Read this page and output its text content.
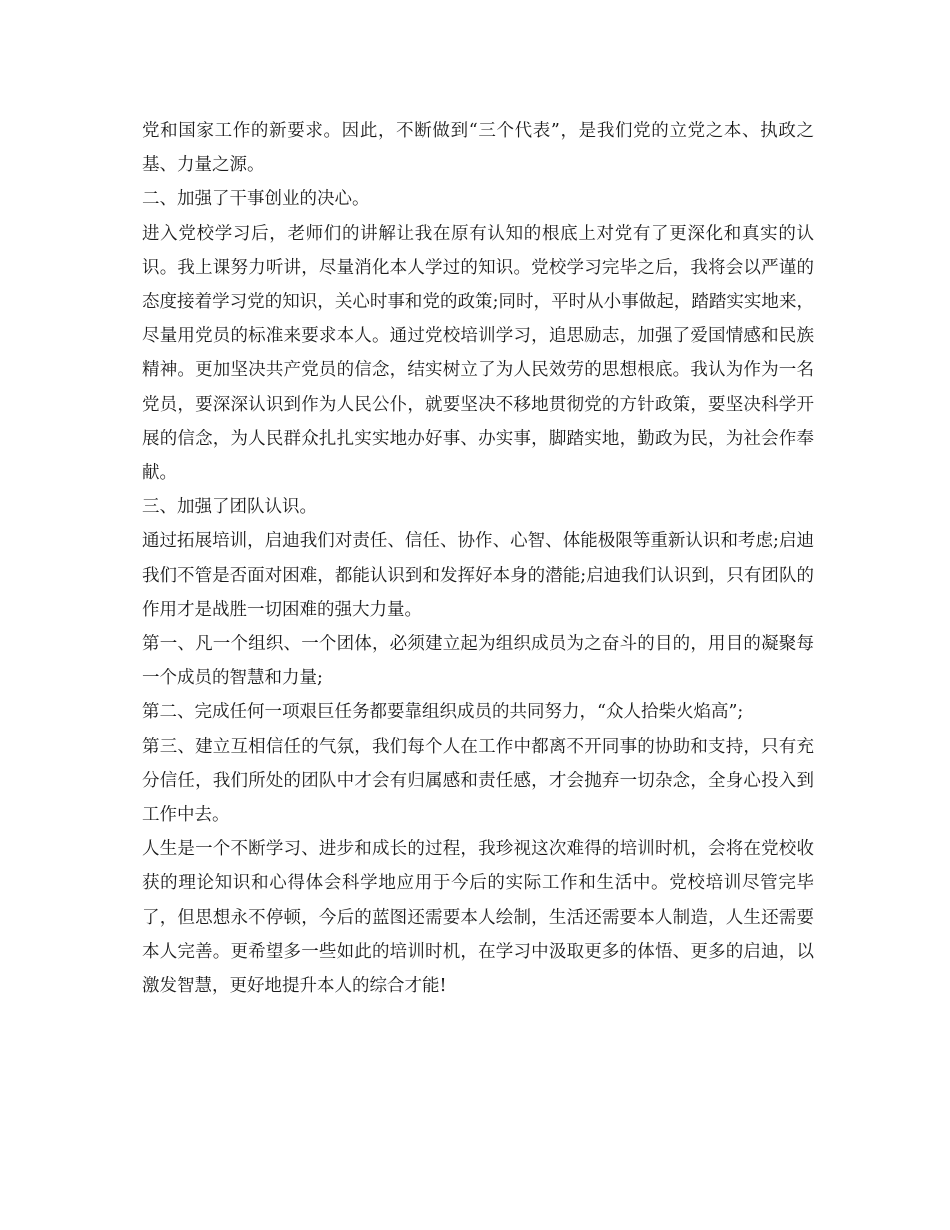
党和国家工作的新要求。因此，不断做到“三个代表”，是我们党的立党之本、执政之基、力量之源。

二、加强了干事创业的决心。

进入党校学习后，老师们的讲解让我在原有认知的根底上对党有了更深化和真实的认识。我上课努力听讲，尽量消化本人学过的知识。党校学习完毕之后，我将会以严谨的态度接着学习党的知识，关心时事和党的政策;同时，平时从小事做起，踏踏实实地来，尽量用党员的标准来要求本人。通过党校培训学习，追思励志，加强了爱国情感和民族精神。更加坚决共产党员的信念，结实树立了为人民效劳的思想根底。我认为作为一名党员，要深深认识到作为人民公仆，就要坚决不移地贯彻党的方针政策，要坚决科学开展的信念，为人民群众扎扎实实地办好事、办实事，脚踏实地，勤政为民，为社会作奉献。

三、加强了团队认识。

通过拓展培训，启迪我们对责任、信任、协作、心智、体能极限等重新认识和考虑;启迪我们不管是否面对困难，都能认识到和发挥好本身的潜能;启迪我们认识到，只有团队的作用才是战胜一切困难的强大力量。

第一、凡一个组织、一个团体，必须建立起为组织成员为之奋斗的目的，用目的凝聚每一个成员的智慧和力量;

第二、完成任何一项艰巨任务都要靠组织成员的共同努力，“众人拾柴火焰高”;

第三、建立互相信任的气氛，我们每个人在工作中都离不开同事的协助和支持，只有充分信任，我们所处的团队中才会有归属感和责任感，才会抛弃一切杂念，全身心投入到工作中去。

人生是一个不断学习、进步和成长的过程，我珍视这次难得的培训时机，会将在党校收获的理论知识和心得体会科学地应用于今后的实际工作和生活中。党校培训尽管完毕了，但思想永不停顿，今后的蓝图还需要本人绘制，生活还需要本人制造，人生还需要本人完善。更希望多一些如此的培训时机，在学习中汲取更多的体悟、更多的启迪，以激发智慧，更好地提升本人的综合才能!
